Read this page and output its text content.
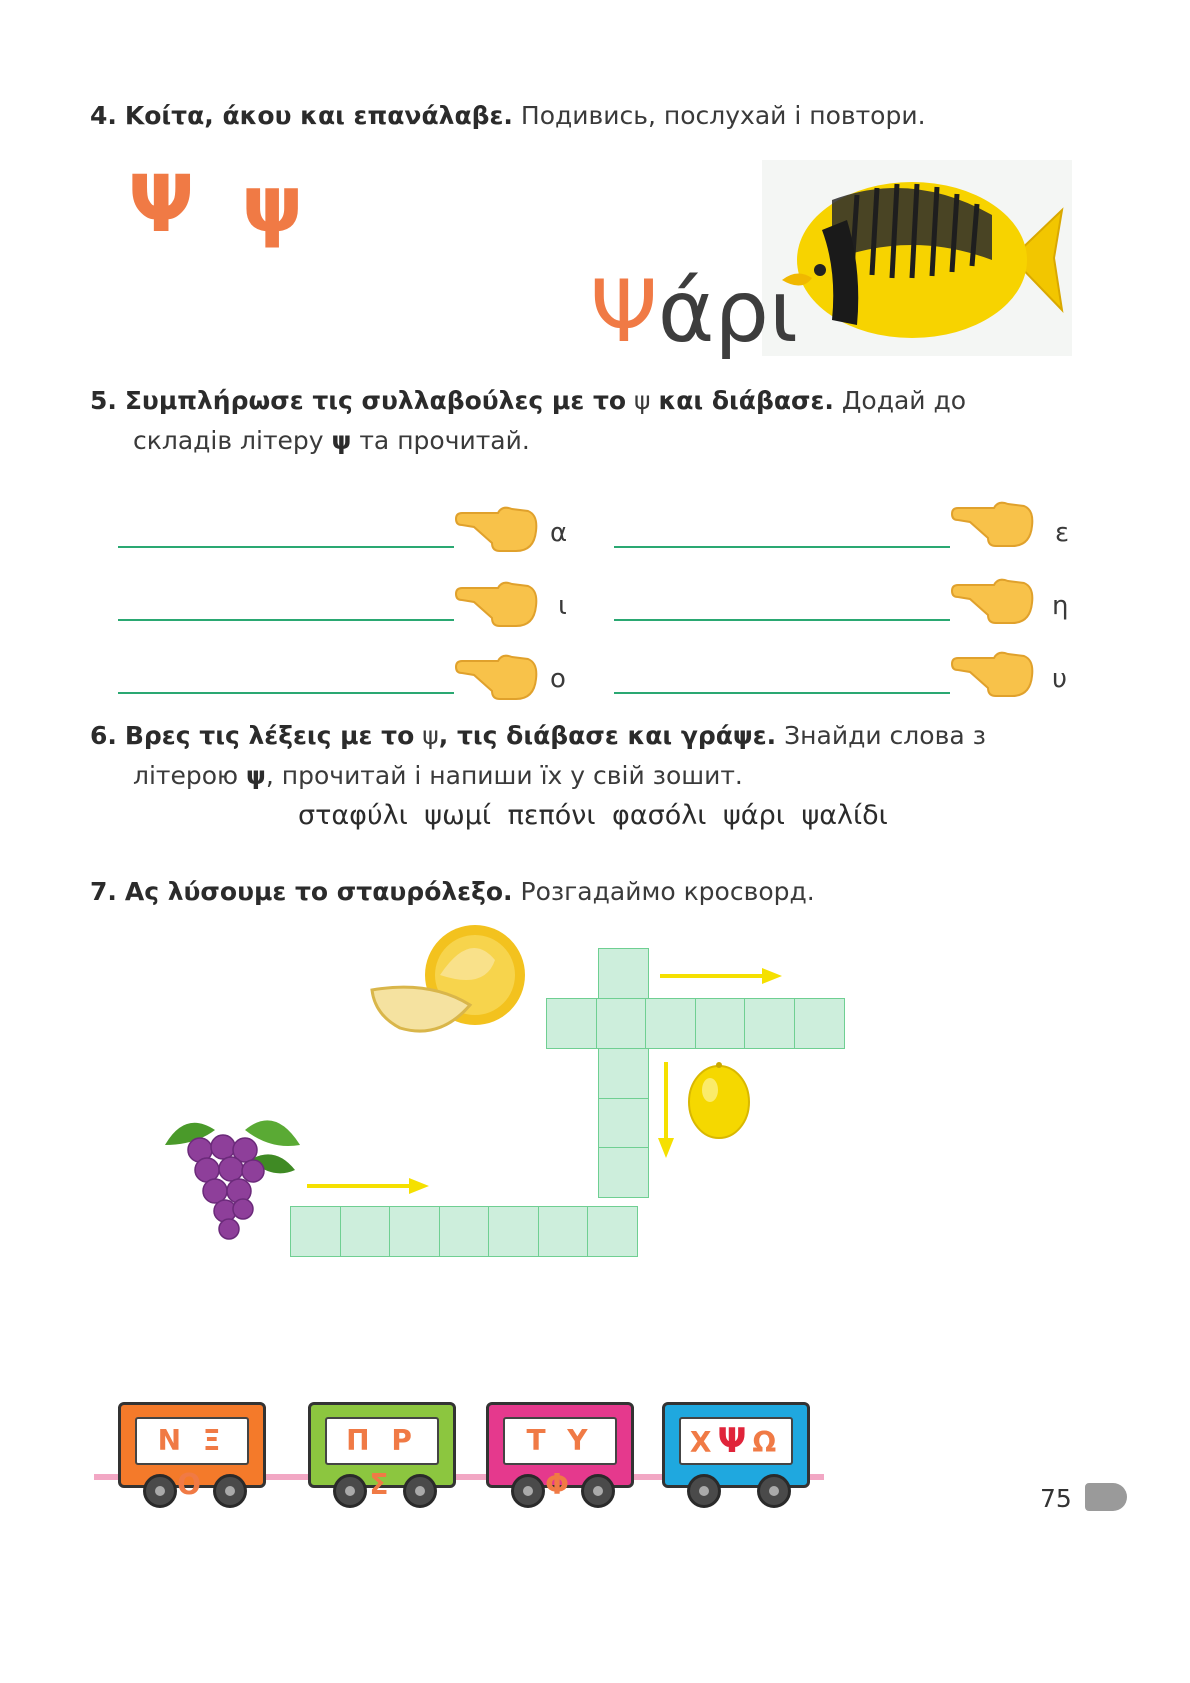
4. Κοίτα, άκου και επανάλαβε. Подивись, послухай і повтори.
Ψ ψ
Ψάρι
5. Συμπλήρωσε τις συλλαβούλες με το ψ και διάβασε. Додай до
складів літеру ψ та прочитай.
α
ι
ο
ε
η
υ
6. Βρες τις λέξεις με το ψ, τις διάβασε και γράψε. Знайди слова з
літерою ψ, прочитай і напиши їх у свій зошит.
σταφύλι ψωμί πεπόνι φασόλι ψάρι ψαλίδι
7. Ας λύσουμε το σταυρόλεξο. Розгадаймо кросворд.
Ν Ξ Ο
Π Ρ Σ
Τ Υ Φ
ΧΨΩ
75
